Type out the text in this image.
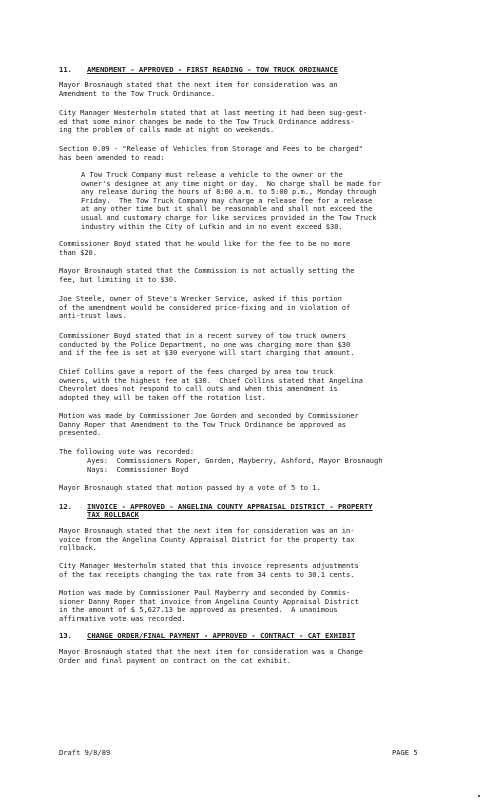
11. AMENDMENT - APPROVED - FIRST READING - TOW TRUCK ORDINANCE
Mayor Brosnaugh stated that the next item for consideration was an
Amendment to the Tow Truck Ordinance.
City Manager Westerholm stated that at last meeting it had been sug-gest-
ed that some minor changes be made to the Tow Truck Ordinance address-
ing the problem of calls made at night on weekends.
Section 0.09 - "Release of Vehicles from Storage and Fees to be charged"
has been amended to read:
A Tow Truck Company must release a vehicle to the owner or the
owner's designee at any time night or day.  No charge shall be made for
any release during the hours of 8:00 a.m. to 5:00 p.m., Monday through
Friday.  The Tow Truck Company may charge a release fee for a release
at any other time but it shall be reasonable and shall not exceed the
usual and customary charge for like services provided in the Tow Truck
industry within the City of Lufkin and in no event exceed $30.
Commissioner Boyd stated that he would like for the fee to be no more
than $20.
Mayor Brosnaugh stated that the Commission is not actually setting the
fee, but limiting it to $30.
Joe Steele, owner of Steve's Wrecker Service, asked if this portion
of the amendment would be considered price-fixing and in violation of
anti-trust laws.
Commissioner Boyd stated that in a recent survey of tow truck owners
conducted by the Police Department, no one was charging more than $30
and if the fee is set at $30 everyone will start charging that amount.
Chief Collins gave a report of the fees charged by area tow truck
owners, with the highest fee at $30.  Chief Collins stated that Angelina
Chevrolet does not respond to call outs and when this amendment is
adopted they will be taken off the rotation list.
Motion was made by Commissioner Joe Gorden and seconded by Commissioner
Danny Roper that Amendment to the Tow Truck Ordinance be approved as
presented.
The following vote was recorded:
Ayes:  Commissioners Roper, Gorden, Mayberry, Ashford, Mayor Brosnaugh
Nays:  Commissioner Boyd
Mayor Brosnaugh stated that motion passed by a vote of 5 to 1.
12. INVOICE - APPROVED - ANGELINA COUNTY APPRAISAL DISTRICT - PROPERTY
TAX ROLLBACK
Mayor Brosnaugh stated that the next item for consideration was an in-
voice from the Angelina County Appraisal District for the property tax
rollback.
City Manager Westerholm stated that this invoice represents adjustments
of the tax receipts changing the tax rate from 34 cents to 30.1 cents.
Motion was made by Commissioner Paul Mayberry and seconded by Commis-
sioner Danny Roper that invoice from Angelina County Appraisal District
in the amount of $ 5,627.13 be approved as presented.  A unanimous
affirmative vote was recorded.
13. CHANGE ORDER/FINAL PAYMENT - APPROVED - CONTRACT - CAT EXHIBIT
Mayor Brosnaugh stated that the next item for consideration was a Change
Order and final payment on contract on the cat exhibit.
Draft 9/8/89	PAGE 5
